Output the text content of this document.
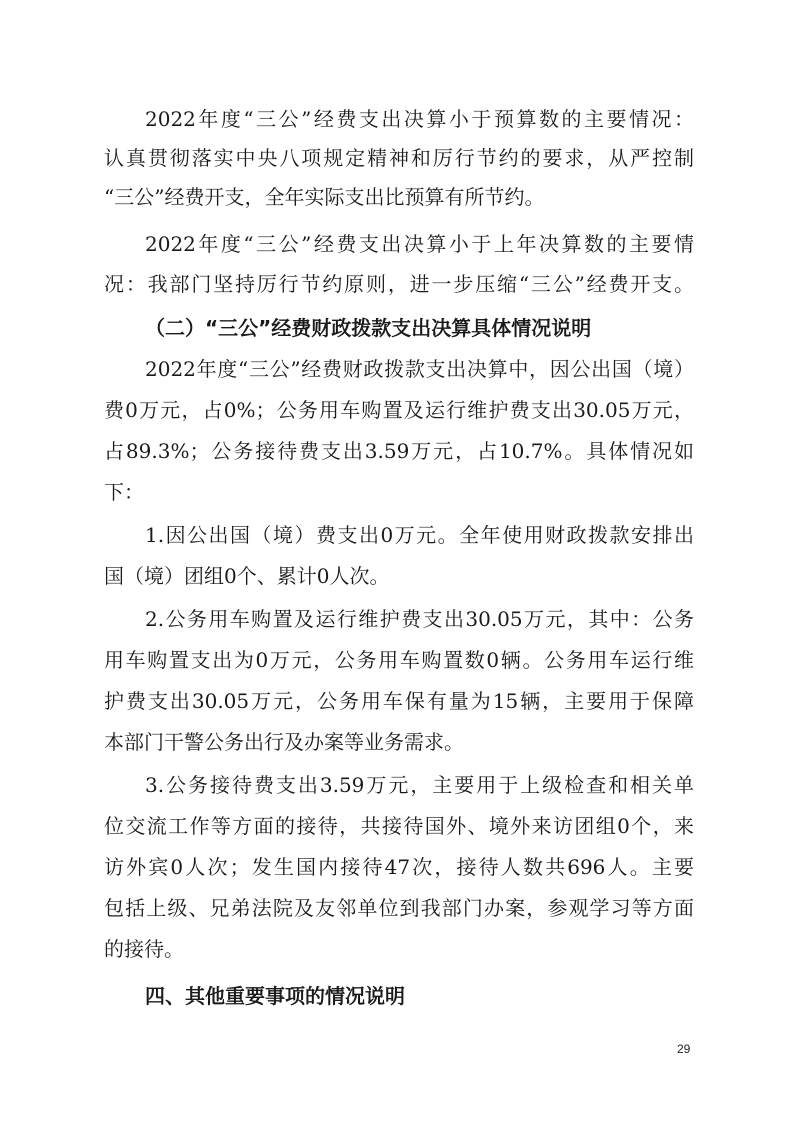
2022年度“三公”经费支出决算小于预算数的主要情况：
认真贯彻落实中央八项规定精神和厉行节约的要求，从严控制
“三公”经费开支，全年实际支出比预算有所节约。
2022年度“三公”经费支出决算小于上年决算数的主要情
况：我部门坚持厉行节约原则，进一步压缩“三公”经费开支。
（二）“三公”经费财政拨款支出决算具体情况说明
2022年度“三公”经费财政拨款支出决算中，因公出国（境）
费0万元，占0%；公务用车购置及运行维护费支出30.05万元，
占89.3%；公务接待费支出3.59万元，占10.7%。具体情况如
下：
1.因公出国（境）费支出0万元。全年使用财政拨款安排出
国（境）团组0个、累计0人次。
2.公务用车购置及运行维护费支出30.05万元，其中：公务
用车购置支出为0万元，公务用车购置数0辆。公务用车运行维
护费支出30.05万元，公务用车保有量为15辆，主要用于保障
本部门干警公务出行及办案等业务需求。
3.公务接待费支出3.59万元，主要用于上级检查和相关单
位交流工作等方面的接待，共接待国外、境外来访团组0个，来
访外宾0人次；发生国内接待47次，接待人数共696人。主要
包括上级、兄弟法院及友邻单位到我部门办案，参观学习等方面
的接待。
四、其他重要事项的情况说明
29
